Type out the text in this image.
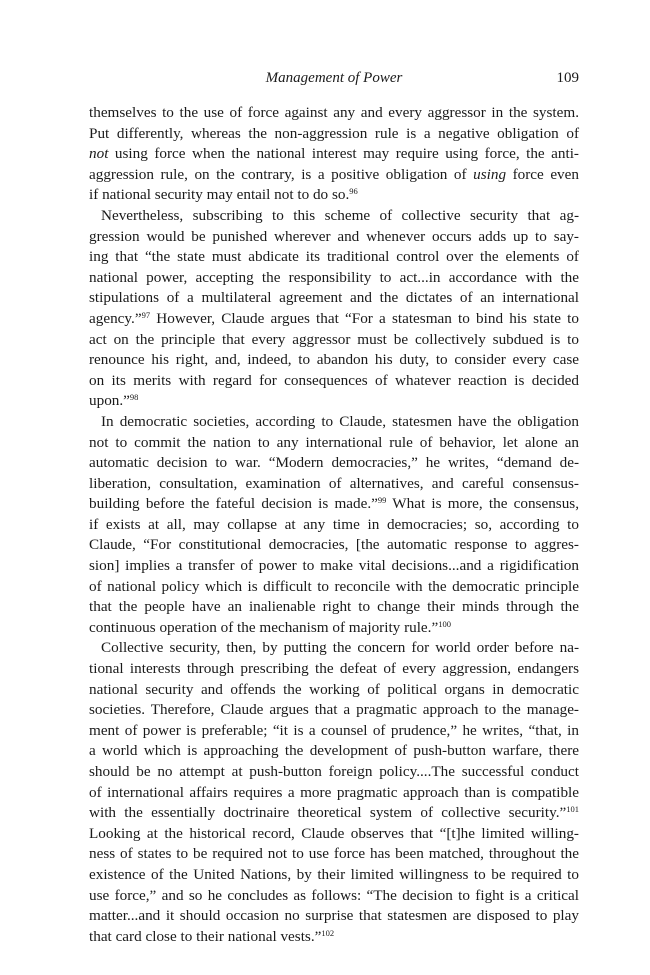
Management of Power	109
themselves to the use of force against any and every aggressor in the system.
Put differently, whereas the non-aggression rule is a negative obligation of
not using force when the national interest may require using force, the anti-
aggression rule, on the contrary, is a positive obligation of using force even
if national security may entail not to do so.$^{96}$
Nevertheless, subscribing to this scheme of collective security that ag-
gression would be punished wherever and whenever occurs adds up to say-
ing that “the state must abdicate its traditional control over the elements of
national power, accepting the responsibility to act...in accordance with the
stipulations of a multilateral agreement and the dictates of an international
agency.”$^{97}$ However, Claude argues that “For a statesman to bind his state to
act on the principle that every aggressor must be collectively subdued is to
renounce his right, and, indeed, to abandon his duty, to consider every case
on its merits with regard for consequences of whatever reaction is decided
upon.”$^{98}$
In democratic societies, according to Claude, statesmen have the obligation
not to commit the nation to any international rule of behavior, let alone an
automatic decision to war. “Modern democracies,” he writes, “demand de-
liberation, consultation, examination of alternatives, and careful consensus-
building before the fateful decision is made.”$^{99}$ What is more, the consensus,
if exists at all, may collapse at any time in democracies; so, according to
Claude, “For constitutional democracies, [the automatic response to aggres-
sion] implies a transfer of power to make vital decisions...and a rigidification
of national policy which is difficult to reconcile with the democratic principle
that the people have an inalienable right to change their minds through the
continuous operation of the mechanism of majority rule.”$^{100}$
Collective security, then, by putting the concern for world order before na-
tional interests through prescribing the defeat of every aggression, endangers
national security and offends the working of political organs in democratic
societies. Therefore, Claude argues that a pragmatic approach to the manage-
ment of power is preferable; “it is a counsel of prudence,” he writes, “that, in
a world which is approaching the development of push-button warfare, there
should be no attempt at push-button foreign policy....The successful conduct
of international affairs requires a more pragmatic approach than is compatible
with the essentially doctrinaire theoretical system of collective security.”$^{101}$
Looking at the historical record, Claude observes that “[t]he limited willing-
ness of states to be required not to use force has been matched, throughout the
existence of the United Nations, by their limited willingness to be required to
use force,” and so he concludes as follows: “The decision to fight is a critical
matter...and it should occasion no surprise that statesmen are disposed to play
that card close to their national vests.”$^{102}$
